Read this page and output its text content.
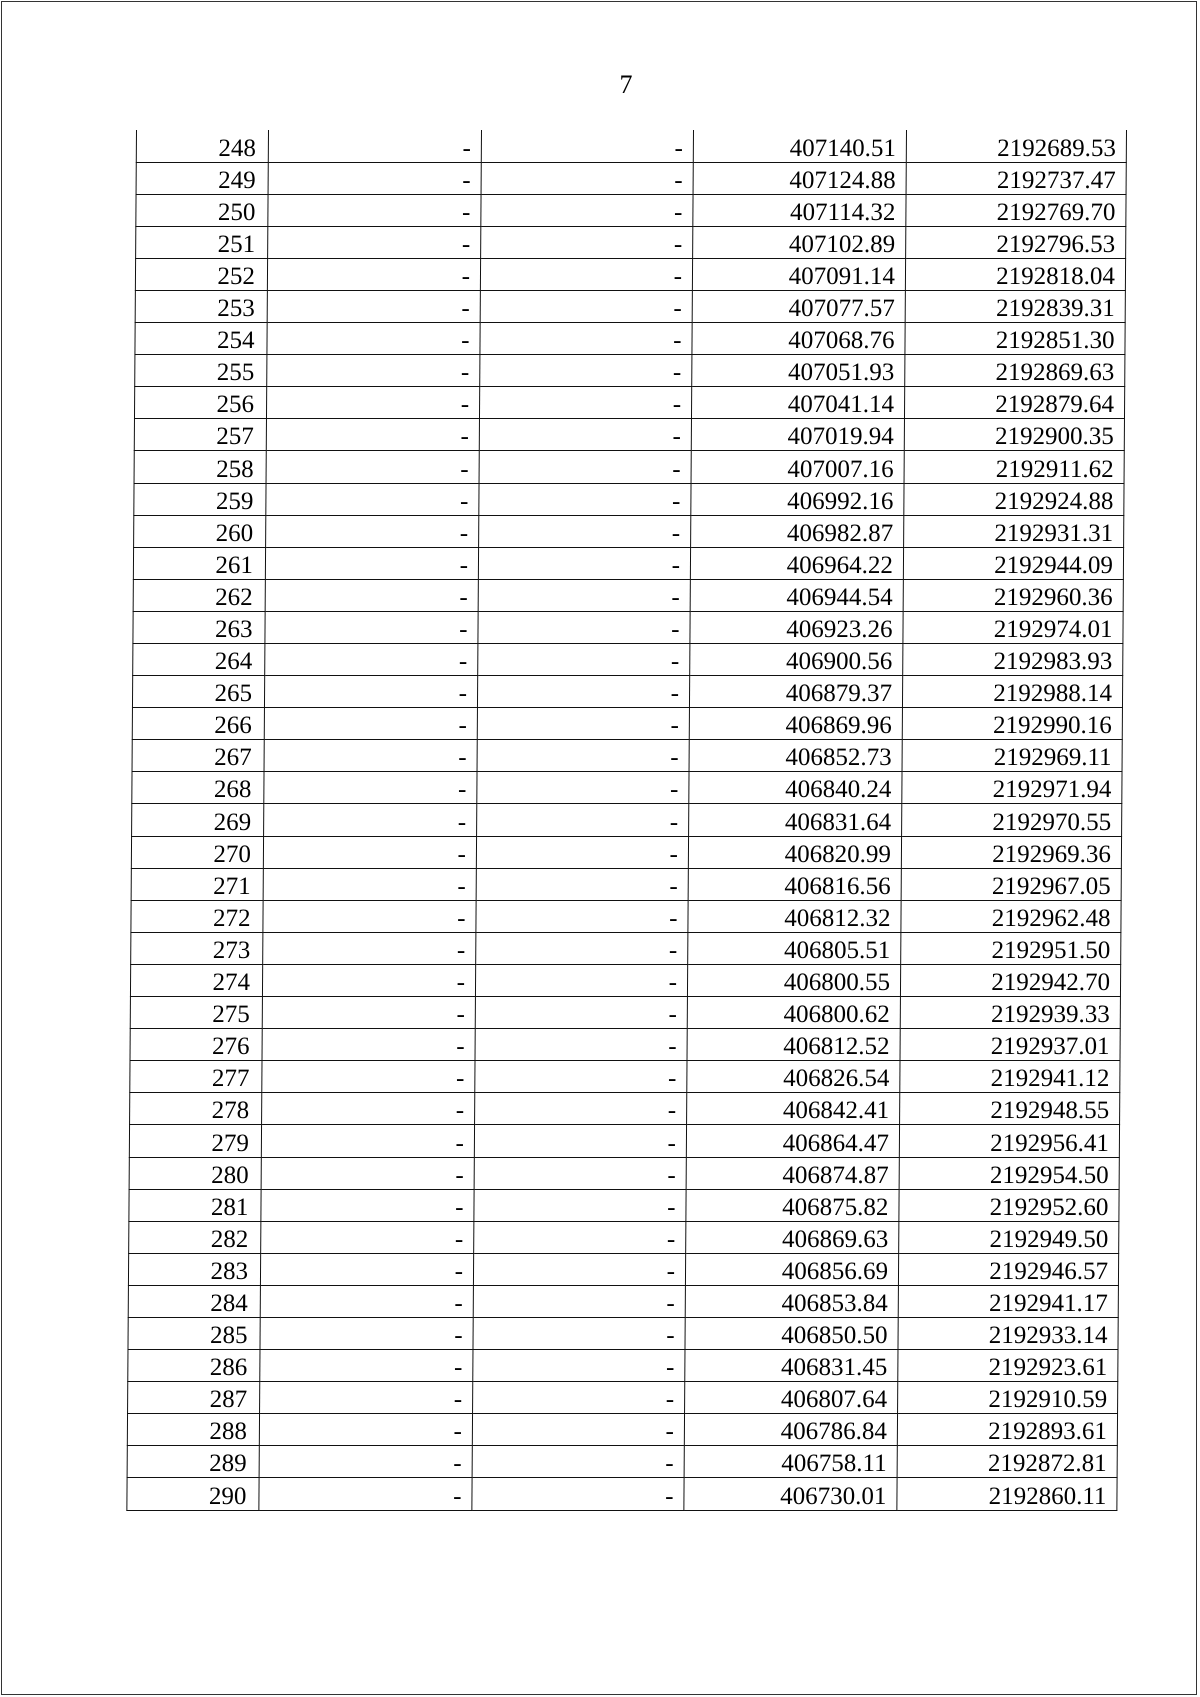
7
248	-	-	407140.51	2192689.53
249	-	-	407124.88	2192737.47
250	-	-	407114.32	2192769.70
251	-	-	407102.89	2192796.53
252	-	-	407091.14	2192818.04
253	-	-	407077.57	2192839.31
254	-	-	407068.76	2192851.30
255	-	-	407051.93	2192869.63
256	-	-	407041.14	2192879.64
257	-	-	407019.94	2192900.35
258	-	-	407007.16	2192911.62
259	-	-	406992.16	2192924.88
260	-	-	406982.87	2192931.31
261	-	-	406964.22	2192944.09
262	-	-	406944.54	2192960.36
263	-	-	406923.26	2192974.01
264	-	-	406900.56	2192983.93
265	-	-	406879.37	2192988.14
266	-	-	406869.96	2192990.16
267	-	-	406852.73	2192969.11
268	-	-	406840.24	2192971.94
269	-	-	406831.64	2192970.55
270	-	-	406820.99	2192969.36
271	-	-	406816.56	2192967.05
272	-	-	406812.32	2192962.48
273	-	-	406805.51	2192951.50
274	-	-	406800.55	2192942.70
275	-	-	406800.62	2192939.33
276	-	-	406812.52	2192937.01
277	-	-	406826.54	2192941.12
278	-	-	406842.41	2192948.55
279	-	-	406864.47	2192956.41
280	-	-	406874.87	2192954.50
281	-	-	406875.82	2192952.60
282	-	-	406869.63	2192949.50
283	-	-	406856.69	2192946.57
284	-	-	406853.84	2192941.17
285	-	-	406850.50	2192933.14
286	-	-	406831.45	2192923.61
287	-	-	406807.64	2192910.59
288	-	-	406786.84	2192893.61
289	-	-	406758.11	2192872.81
290	-	-	406730.01	2192860.11
